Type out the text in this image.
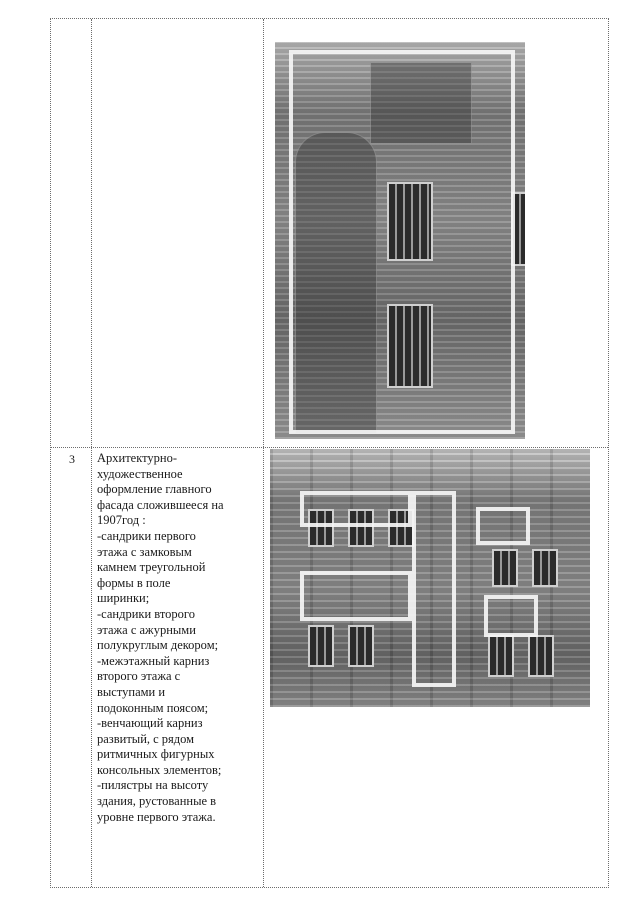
3	Архитектурно-
художественное
оформление главного
фасада сложившееся на
1907год :
-сандрики первого
этажа с замковым
камнем треугольной
формы в поле
ширинки;
-сандрики второго
этажа с ажурными
полукруглым декором;
-межэтажный карниз
второго этажа с
выступами и
подоконным поясом;
-венчающий карниз
развитый, с рядом
ритмичных фигурных
консольных элементов;
-пилястры на высоту
здания, рустованные в
уровне первого этажа.
